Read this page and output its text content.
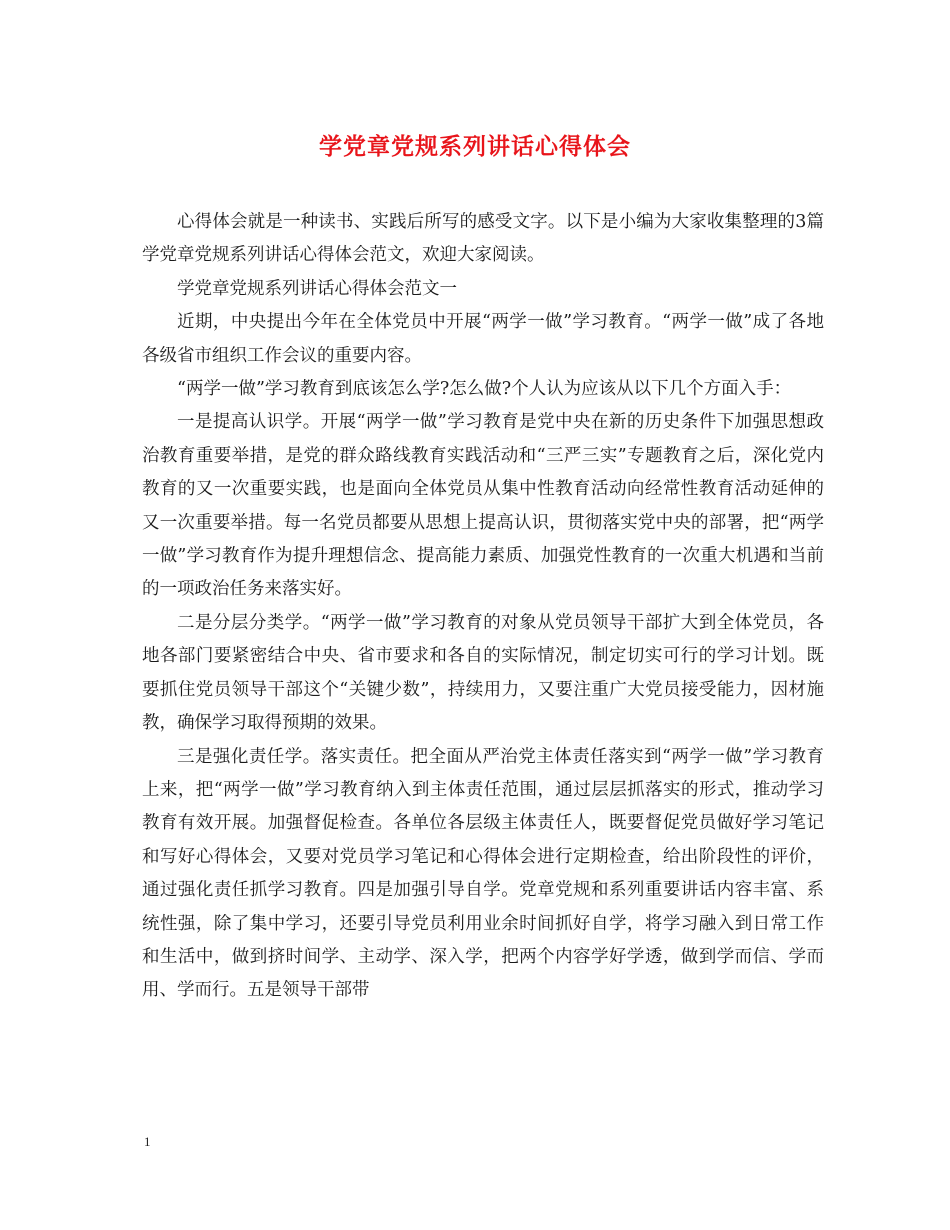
学党章党规系列讲话心得体会

心得体会就是一种读书、实践后所写的感受文字。以下是小编为大家收集整理的3篇学党章党规系列讲话心得体会范文，欢迎大家阅读。

学党章党规系列讲话心得体会范文一

近期，中央提出今年在全体党员中开展“两学一做”学习教育。“两学一做”成了各地各级省市组织工作会议的重要内容。

“两学一做”学习教育到底该怎么学?怎么做?个人认为应该从以下几个方面入手：

一是提高认识学。开展“两学一做”学习教育是党中央在新的历史条件下加强思想政治教育重要举措，是党的群众路线教育实践活动和“三严三实”专题教育之后，深化党内教育的又一次重要实践，也是面向全体党员从集中性教育活动向经常性教育活动延伸的又一次重要举措。每一名党员都要从思想上提高认识，贯彻落实党中央的部署，把“两学一做”学习教育作为提升理想信念、提高能力素质、加强党性教育的一次重大机遇和当前的一项政治任务来落实好。

二是分层分类学。“两学一做”学习教育的对象从党员领导干部扩大到全体党员，各地各部门要紧密结合中央、省市要求和各自的实际情况，制定切实可行的学习计划。既要抓住党员领导干部这个“关键少数”，持续用力，又要注重广大党员接受能力，因材施教，确保学习取得预期的效果。

三是强化责任学。落实责任。把全面从严治党主体责任落实到“两学一做”学习教育上来，把“两学一做”学习教育纳入到主体责任范围，通过层层抓落实的形式，推动学习教育有效开展。加强督促检查。各单位各层级主体责任人，既要督促党员做好学习笔记和写好心得体会，又要对党员学习笔记和心得体会进行定期检查，给出阶段性的评价，通过强化责任抓学习教育。四是加强引导自学。党章党规和系列重要讲话内容丰富、系统性强，除了集中学习，还要引导党员利用业余时间抓好自学，将学习融入到日常工作和生活中，做到挤时间学、主动学、深入学，把两个内容学好学透，做到学而信、学而用、学而行。五是领导干部带

1
